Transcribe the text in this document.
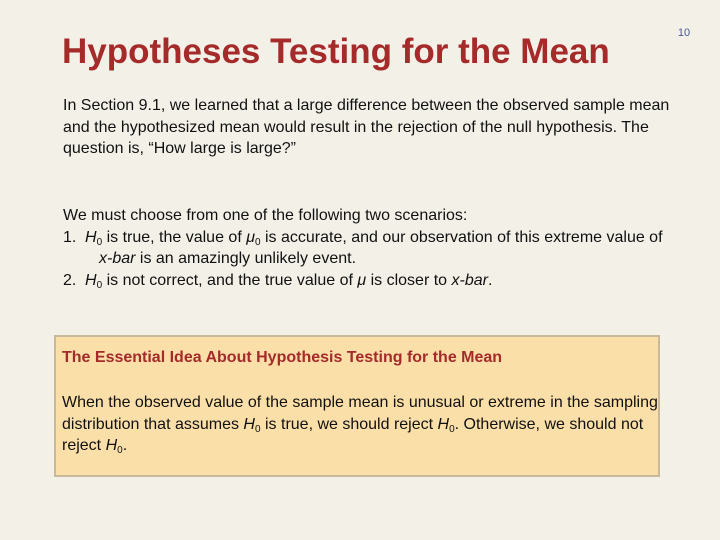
10
Hypotheses Testing for the Mean

In Section 9.1, we learned that a large difference between the observed sample mean and the hypothesized mean would result in the rejection of the null hypothesis. The question is, “How large is large?”

We must choose from one of the following two scenarios:

1. $H_0$ is true, the value of $\mu_0$ is accurate, and our observation of this extreme value of x-bar is an amazingly unlikely event.

2. $H_0$ is not correct, and the true value of μ is closer to x-bar.

The Essential Idea About Hypothesis Testing for the Mean

When the observed value of the sample mean is unusual or extreme in the sampling distribution that assumes $H_0$ is true, we should reject $H_0$. Otherwise, we should not reject $H_0$.
